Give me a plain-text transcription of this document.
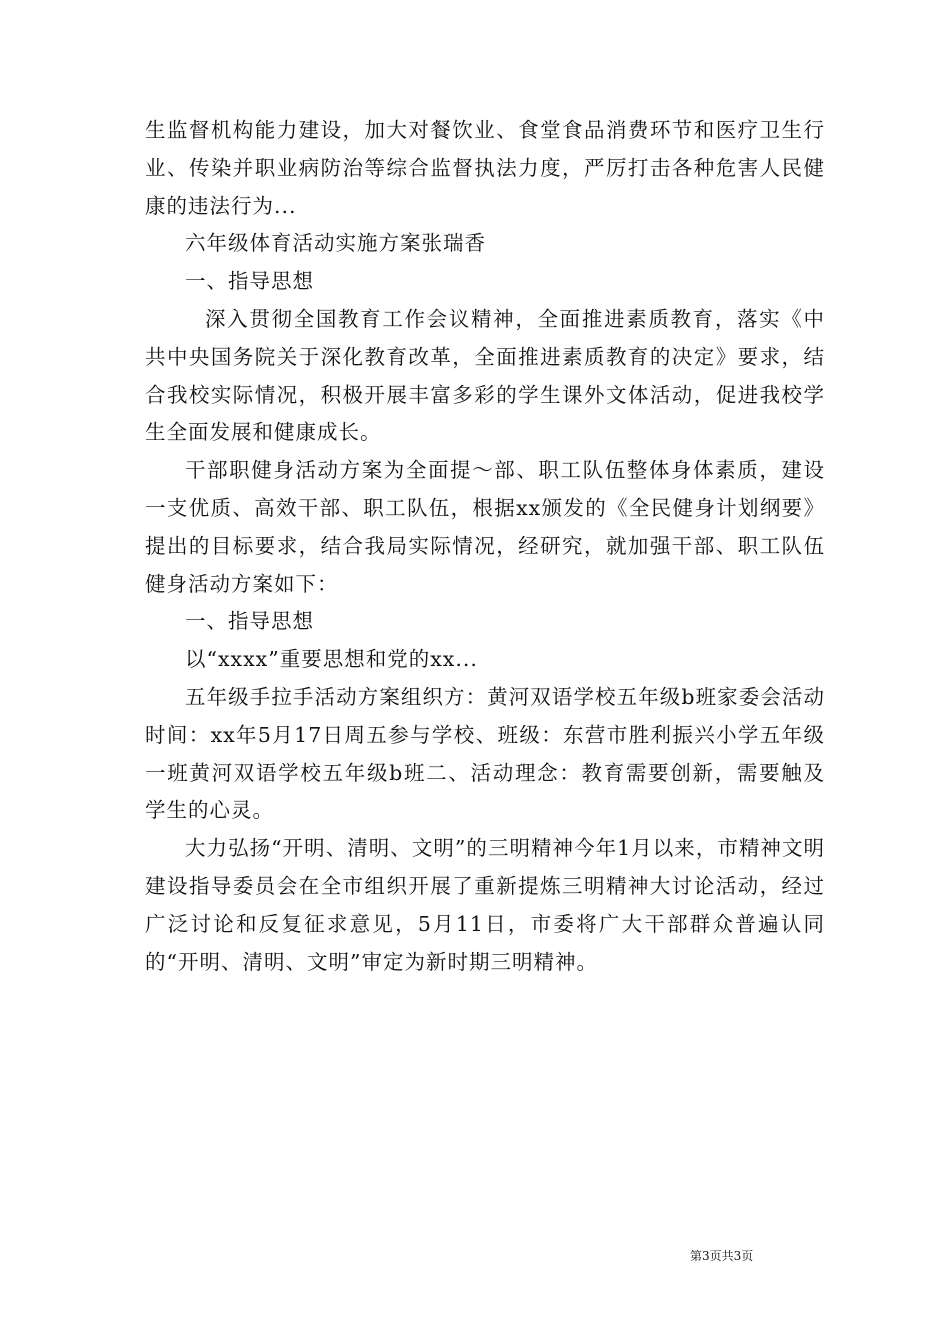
生监督机构能力建设，加大对餐饮业、食堂食品消费环节和医疗卫生行业、传染并职业病防治等综合监督执法力度，严厉打击各种危害人民健康的违法行为...

六年级体育活动实施方案张瑞香

一、指导思想

深入贯彻全国教育工作会议精神，全面推进素质教育，落实《中共中央国务院关于深化教育改革，全面推进素质教育的决定》要求，结合我校实际情况，积极开展丰富多彩的学生课外文体活动，促进我校学生全面发展和健康成长。

干部职健身活动方案为全面提～部、职工队伍整体身体素质，建设一支优质、高效干部、职工队伍，根据xx颁发的《全民健身计划纲要》提出的目标要求，结合我局实际情况，经研究，就加强干部、职工队伍健身活动方案如下：

一、指导思想

以“xxxx”重要思想和党的xx...

五年级手拉手活动方案组织方：黄河双语学校五年级b班家委会活动时间：xx年5月17日周五参与学校、班级：东营市胜利振兴小学五年级一班黄河双语学校五年级b班二、活动理念：教育需要创新，需要触及学生的心灵。

大力弘扬“开明、清明、文明”的三明精神今年1月以来，市精神文明建设指导委员会在全市组织开展了重新提炼三明精神大讨论活动，经过广泛讨论和反复征求意见，5月11日，市委将广大干部群众普遍认同的“开明、清明、文明”审定为新时期三明精神。

第3页共3页
